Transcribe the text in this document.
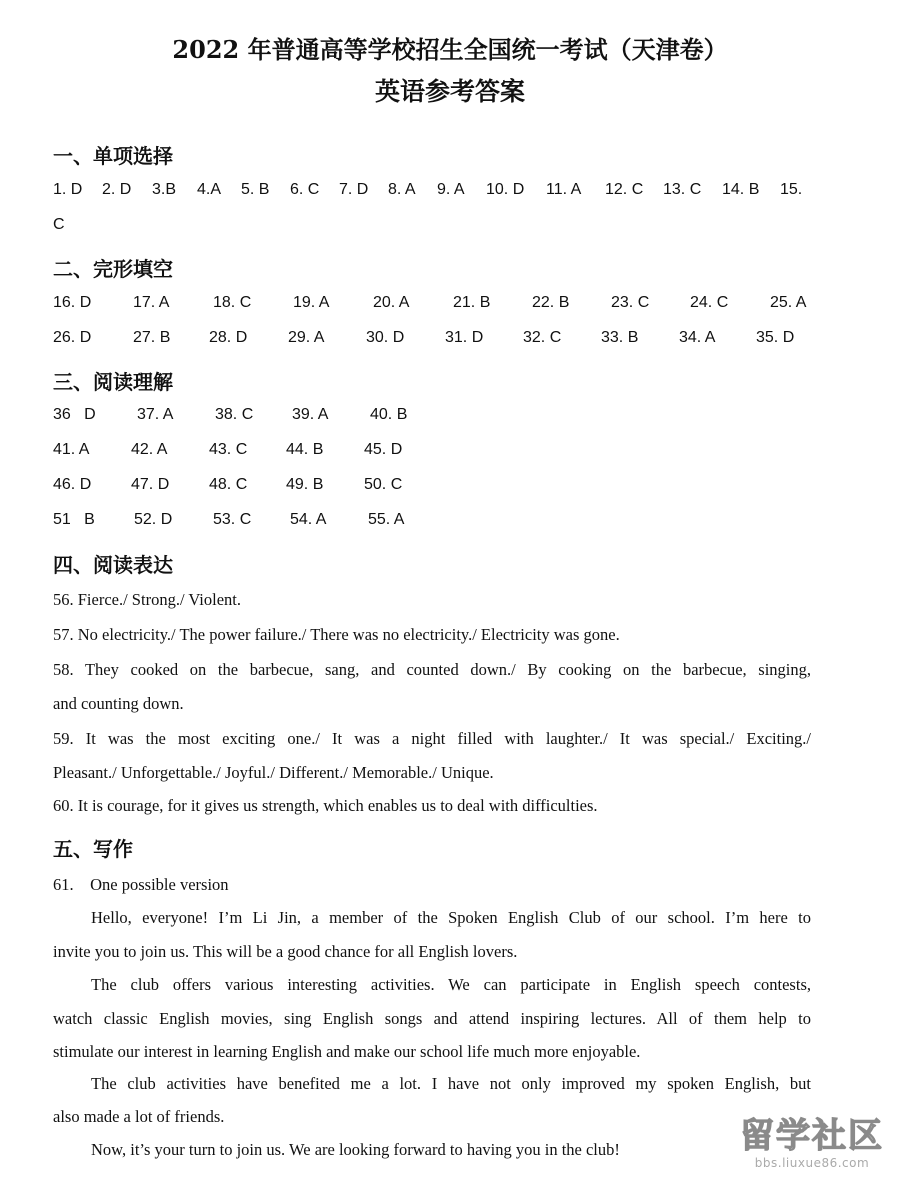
2022 年普通高等学校招生全国统一考试（天津卷）
英语参考答案
一、单项选择
1. D 2. D 3.B 4.A 5. B 6. C 7. D 8. A 9. A 10. D 11. A 12. C 13. C 14. B 15.
C
二、完形填空
16. D	17. A	18. C	19. A	20. A	21. B	22. B	23. C	24. C	25. A
26. D	27. B 28. D	29. A	30. D	31. D 32. C 33. B	34. A	35. D
三、阅读理解
36   D	37. A	38. C 39. A	40. B
41. A	42. A	43. C 44. B	45. D
46. D 47. D 48. C 49. B	50. C
51   B 52. D	53. C 54. A	55. A
四、阅读表达
56. Fierce./ Strong./ Violent.
57. No electricity./ The power failure./ There was no electricity./ Electricity was gone.
58. They cooked on the barbecue, sang, and counted down./ By cooking on the barbecue, singing,
and counting down.
59. It was the most exciting one./ It was a night filled with laughter./ It was special./ Exciting./
Pleasant./ Unforgettable./ Joyful./ Different./ Memorable./ Unique.
60. It is courage, for it gives us strength, which enables us to deal with difficulties.
五、写作
61.    One possible version
Hello, everyone! I’m Li Jin, a member of the Spoken English Club of our school. I’m here to
invite you to join us. This will be a good chance for all English lovers.
The club offers various interesting activities. We can participate in English speech contests,
watch classic English movies, sing English songs and attend inspiring lectures. All of them help to
stimulate our interest in learning English and make our school life much more enjoyable.
The club activities have benefited me a lot. I have not only improved my spoken English, but
also made a lot of friends.
Now, it’s your turn to join us. We are looking forward to having you in the club!	留学社区
bbs.liuxue86.com
